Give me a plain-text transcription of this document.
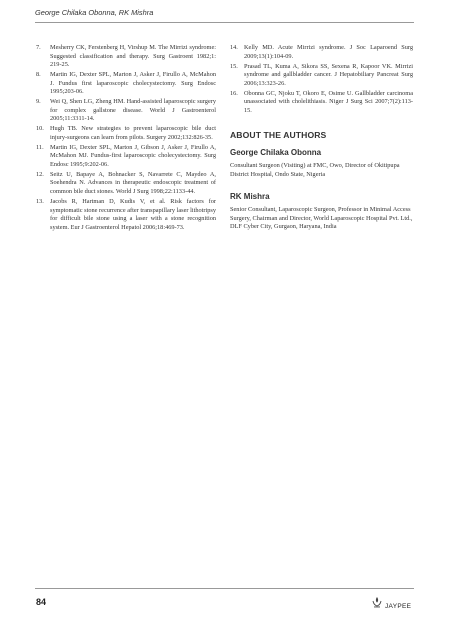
George Chilaka Obonna, RK Mishra
7.	Mesherry CK, Ferstenberg H, Virshup M. The Mirrizi syndrome: Suggested classification and therapy. Surg Gastroent 1982;1: 219-25.
8.	Martin IG, Dexter SPL, Marton J, Asker J, Firullo A, McMahon J. Fundus first laparoscopic cholecystectomy. Surg Endosc 1995;203-06.
9.	Wei Q, Shen LG, Zheng HM. Hand-assisted laparoscopic surgery for complex gallstone disease. World J Gastroenterol 2005;11:3311-14.
10. Hugh TB. New strategies to prevent laparoscopic bile duct injury-surgeons can learn from pilots. Surgery 2002;132:826-35.
11.	Martin IG, Dexter SPL, Marton J, Gibson J, Asker J, Firullo A, McMahon MJ. Fundus-first laparoscopic cholecystectomy. Surg Endosc 1995;9:202-06.
12. Seitz U, Bapaye A, Bohnacker S, Navarrete C, Maydeo A, Soehendra N. Advances in therapeutic endoscopic treatment of common bile duct stones. World J Surg 1998;22:1133-44.
13. Jacobs R, Hartman D, Kudis V, et al. Risk factors for symptomatic stone recurrence after transpapillary laser lithotripsy for difficult bile stone using a laser with a stone recognition system. Eur J Gastroenterol Hepatol 2006;18:469-73.
14. Kelly MD. Acute Mirrizi syndrome. J Soc Laparoend Surg 2009;13(1):104-09.
15. Prasad TL, Kuma A, Sikora SS, Sexena R, Kapoor VK. Mirrizi syndrome and gallbladder cancer. J Hepatobiliary Pancreat Surg 2006;13:323-26.
16. Obonna GC, Njoku T, Okoro E, Osime U. Gallbladder carcinoma unassociated with cholelithiasis. Niger J Surg Sci 2007;7(2):113-15.
ABOUT THE AUTHORS
George Chilaka Obonna

Consultant Surgeon (Visiting) at FMC, Owo, Director of Okitipupa District Hospital, Ondo State, Nigeria

RK Mishra

Senior Consultant, Laparoscopic Surgeon, Professor in Minimal Access Surgery, Chairman and Director, World Laparoscopic Hospital Pvt. Ltd., DLF Cyber City, Gurgaon, Haryana, India

84	JAYPEE
